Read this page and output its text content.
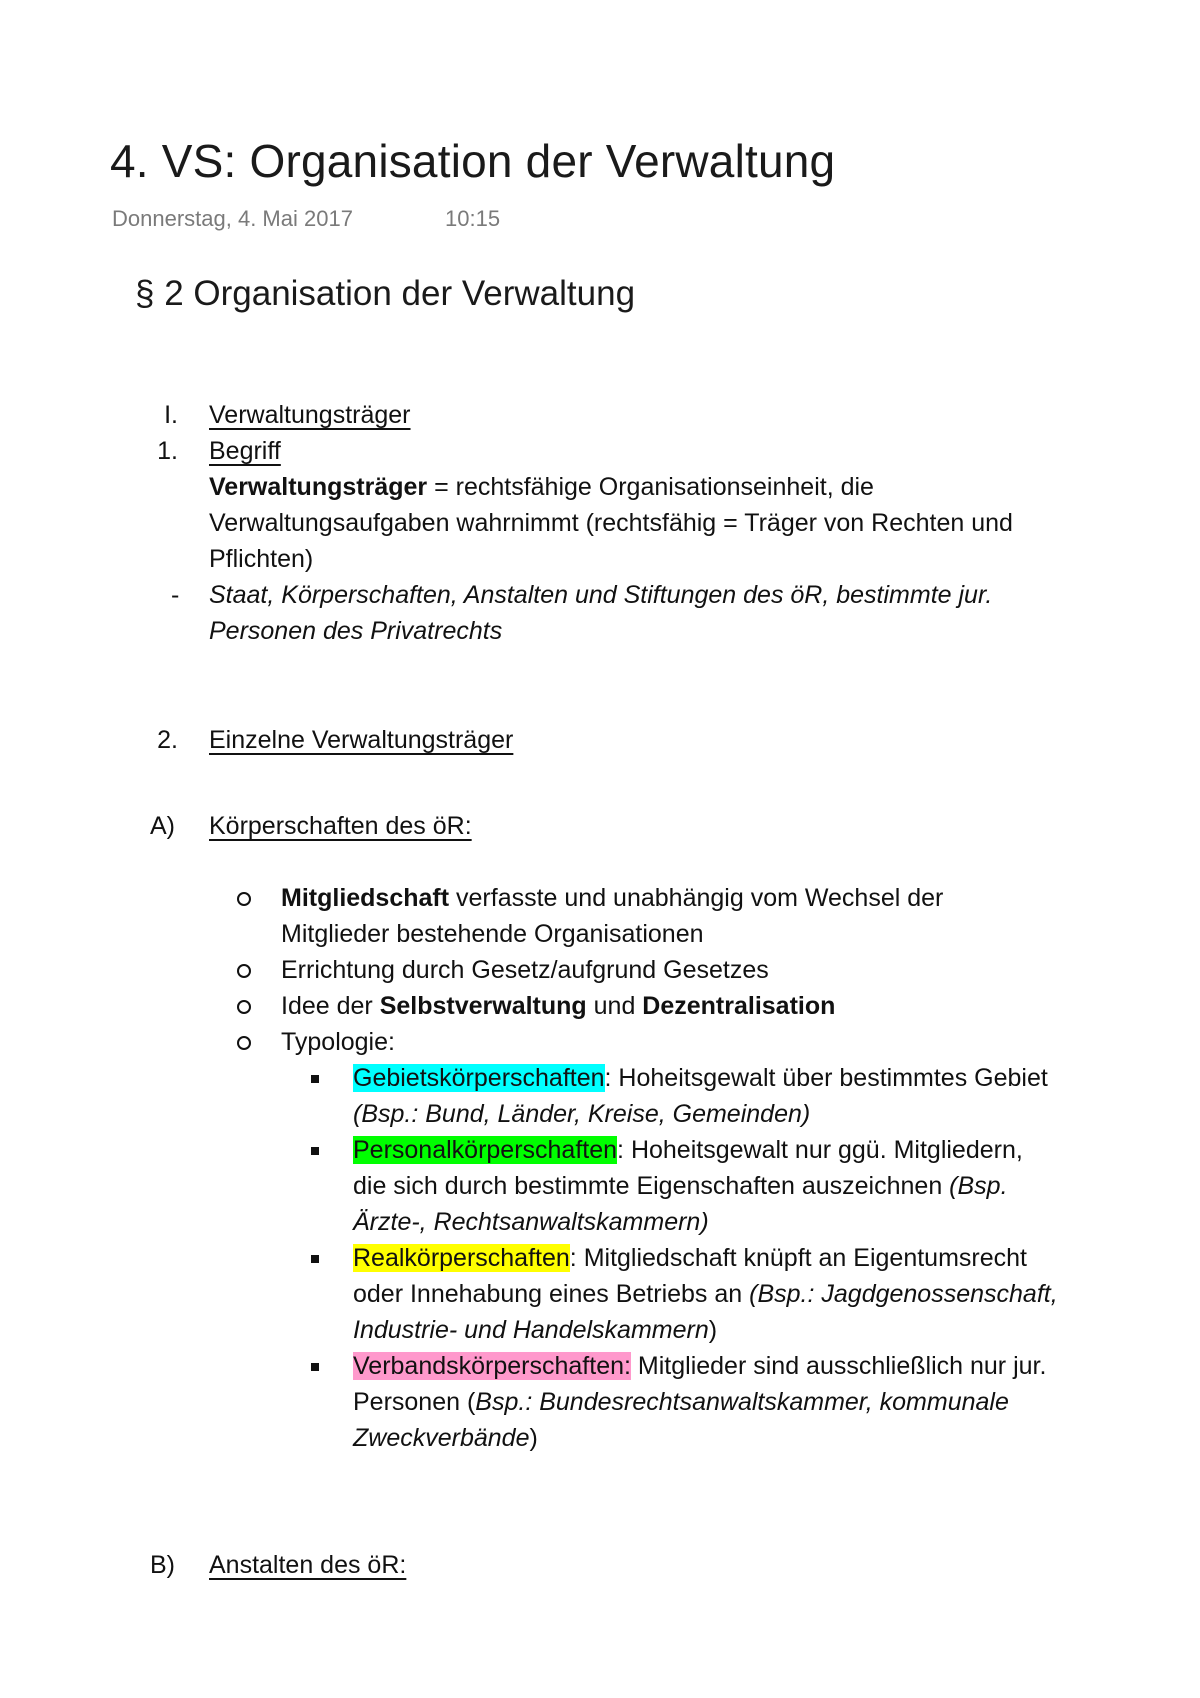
4. VS: Organisation der Verwaltung
Donnerstag, 4. Mai 2017	10:15
§ 2 Organisation der Verwaltung
I. Verwaltungsträger
1. Begriff
Verwaltungsträger = rechtsfähige Organisationseinheit, die
Verwaltungsaufgaben wahrnimmt (rechtsfähig = Träger von Rechten und
Pflichten)
- Staat, Körperschaften, Anstalten und Stiftungen des öR, bestimmte jur.
Personen des Privatrechts
2. Einzelne Verwaltungsträger
A) Körperschaften des öR:
Mitgliedschaft verfasste und unabhängig vom Wechsel der
Mitglieder bestehende Organisationen
Errichtung durch Gesetz/aufgrund Gesetzes
Idee der Selbstverwaltung und Dezentralisation
Typologie:
Gebietskörperschaften: Hoheitsgewalt über bestimmtes Gebiet
(Bsp.: Bund, Länder, Kreise, Gemeinden)
Personalkörperschaften: Hoheitsgewalt nur ggü. Mitgliedern,
die sich durch bestimmte Eigenschaften auszeichnen (Bsp.
Ärzte-, Rechtsanwaltskammern)
Realkörperschaften: Mitgliedschaft knüpft an Eigentumsrecht
oder Innehabung eines Betriebs an (Bsp.: Jagdgenossenschaft,
Industrie- und Handelskammern)
Verbandskörperschaften: Mitglieder sind ausschließlich nur jur.
Personen (Bsp.: Bundesrechtsanwaltskammer, kommunale
Zweckverbände)
B) Anstalten des öR:
